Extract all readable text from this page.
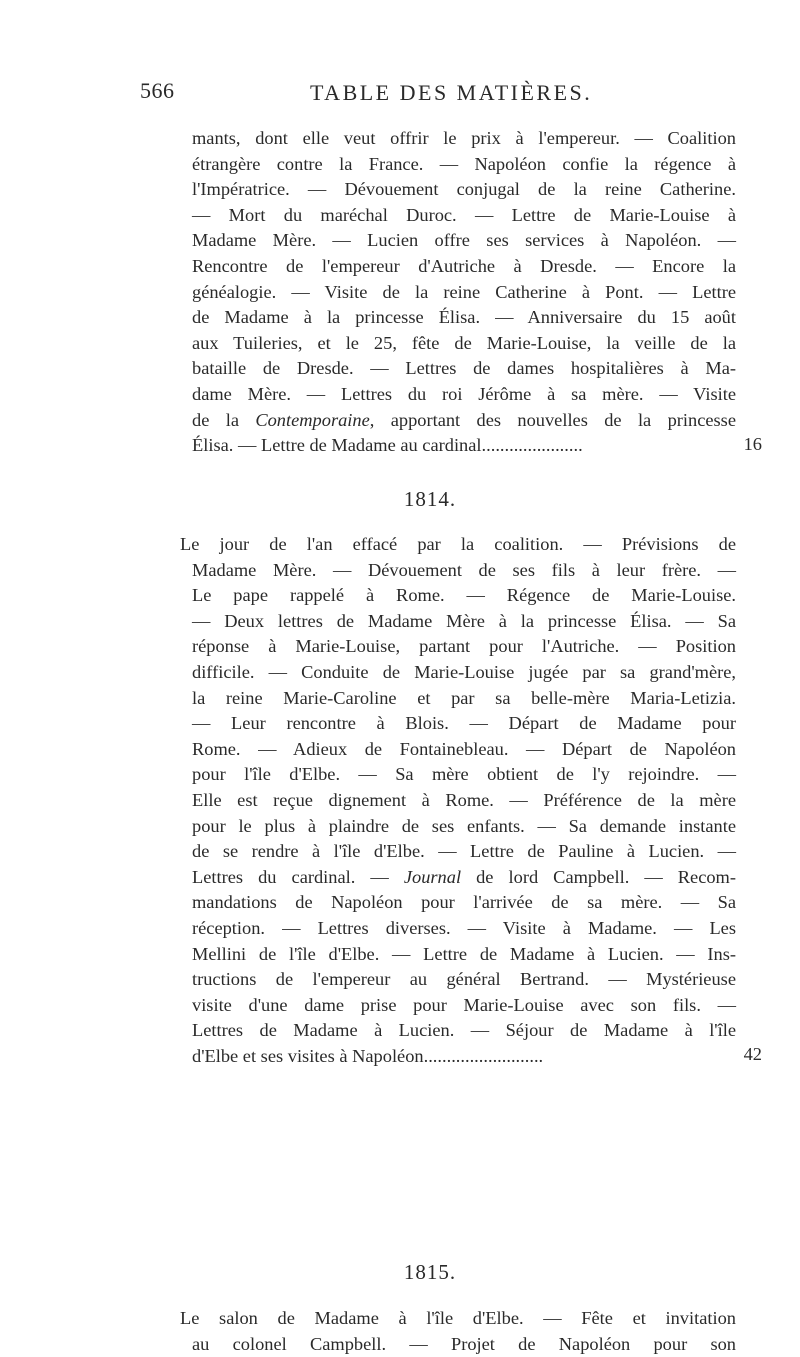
566	TABLE DES MATIÈRES.
mants, dont elle veut offrir le prix à l'empereur. — Coalition
étrangère contre la France. — Napoléon confie la régence à
l'Impératrice. — Dévouement conjugal de la reine Catherine.
— Mort du maréchal Duroc. — Lettre de Marie-Louise à
Madame Mère. — Lucien offre ses services à Napoléon. —
Rencontre de l'empereur d'Autriche à Dresde. — Encore la
généalogie. — Visite de la reine Catherine à Pont. — Lettre
de Madame à la princesse Élisa. — Anniversaire du 15 août
aux Tuileries, et le 25, fête de Marie-Louise, la veille de la
bataille de Dresde. — Lettres de dames hospitalières à Ma-
dame Mère. — Lettres du roi Jérôme à sa mère. — Visite
de la Contemporaine, apportant des nouvelles de la princesse
Élisa. — Lettre de Madame au cardinal......................	16
1814.
Le jour de l'an effacé par la coalition. — Prévisions de
Madame Mère. — Dévouement de ses fils à leur frère. —
Le pape rappelé à Rome. — Régence de Marie-Louise.
— Deux lettres de Madame Mère à la princesse Élisa. — Sa
réponse à Marie-Louise, partant pour l'Autriche. — Position
difficile. — Conduite de Marie-Louise jugée par sa grand'mère,
la reine Marie-Caroline et par sa belle-mère Maria-Letizia.
— Leur rencontre à Blois. — Départ de Madame pour
Rome. — Adieux de Fontainebleau. — Départ de Napoléon
pour l'île d'Elbe. — Sa mère obtient de l'y rejoindre. —
Elle est reçue dignement à Rome. — Préférence de la mère
pour le plus à plaindre de ses enfants. — Sa demande instante
de se rendre à l'île d'Elbe. — Lettre de Pauline à Lucien. —
Lettres du cardinal. — Journal de lord Campbell. — Recom-
mandations de Napoléon pour l'arrivée de sa mère. — Sa
réception. — Lettres diverses. — Visite à Madame. — Les
Mellini de l'île d'Elbe. — Lettre de Madame à Lucien. — Ins-
tructions de l'empereur au général Bertrand. — Mystérieuse
visite d'une dame prise pour Marie-Louise avec son fils. —
Lettres de Madame à Lucien. — Séjour de Madame à l'île
d'Elbe et ses visites à Napoléon..........................	42
1815.
Le salon de Madame à l'île d'Elbe. — Fête et invitation
au colonel Campbell. — Projet de Napoléon pour son
